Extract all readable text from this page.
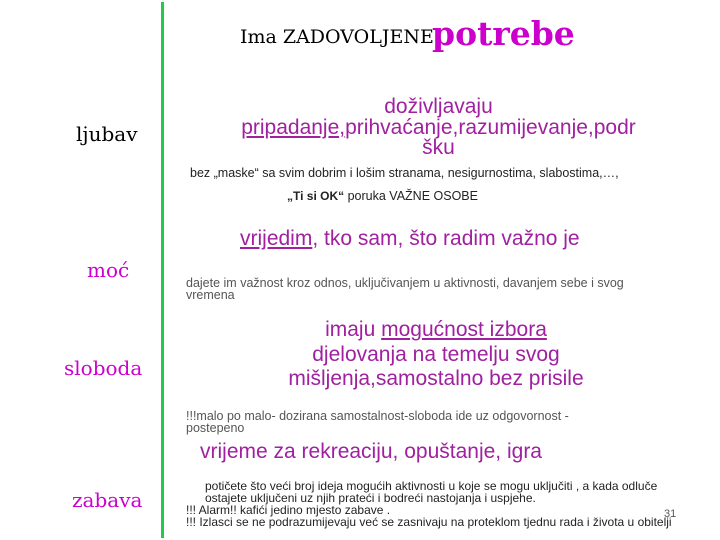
Ima ZADOVOLJENE
potrebe
ljubav
moć
sloboda
zabava
doživljavaju
pripadanje,prihvaćanje,razumijevanje,podr
šku
bez „maske“ sa svim dobrim i lošim stranama, nesigurnostima, slabostima,…,
„Ti si OK“ poruka VAŽNE OSOBE
vrijedim, tko sam, što radim važno je
dajete im važnost kroz odnos, uključivanjem u aktivnosti, davanjem sebe i svog
vremena
imaju mogućnost izbora
djelovanja na temelju svog
mišljenja,samostalno bez prisile
!!!malo po malo- dozirana samostalnost-sloboda ide uz odgovornost -
postepeno
vrijeme za rekreaciju, opuštanje, igra
potičete što veći broj ideja mogućih aktivnosti u koje se mogu uključiti , a kada odluče
ostajete uključeni uz njih prateći i bodreći nastojanja i uspjehe.
!!! Alarm!! kafići jedino mjesto zabave .
!!! Izlasci se ne podrazumijevaju već se zasnivaju na proteklom tjednu rada i života u obitelji
31
